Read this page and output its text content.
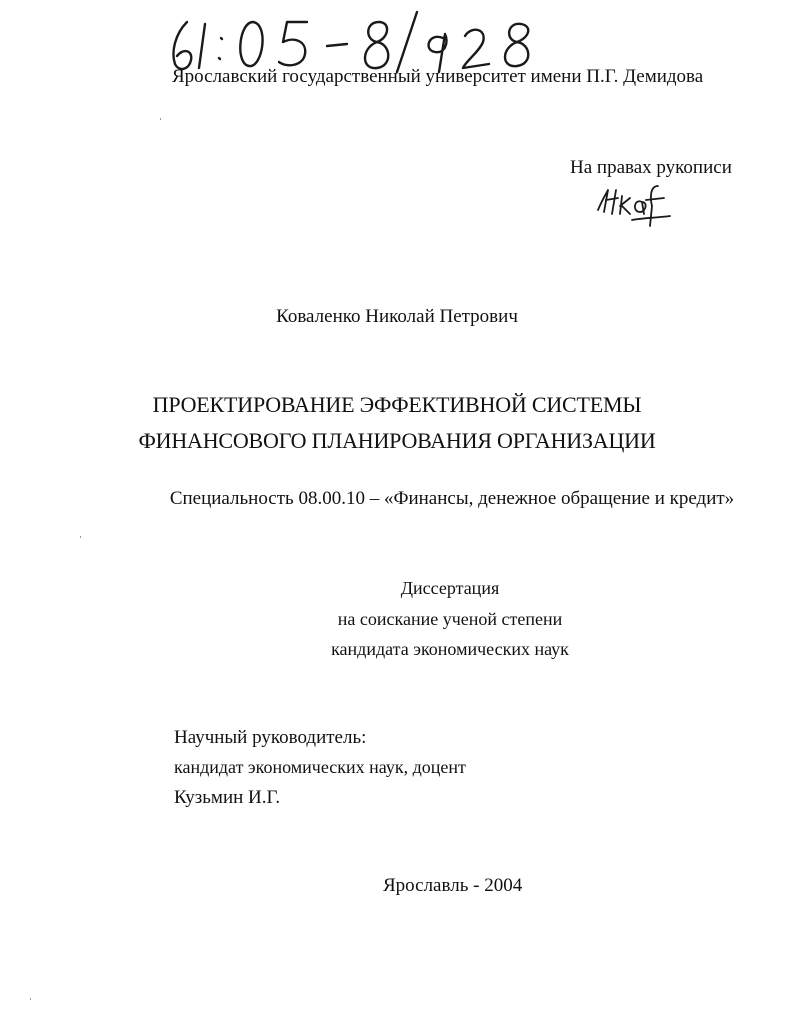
Ярославский государственный университет имени П.Г. Демидова
На правах рукописи
Коваленко Николай Петрович
ПРОЕКТИРОВАНИЕ ЭФФЕКТИВНОЙ СИСТЕМЫ
ФИНАНСОВОГО ПЛАНИРОВАНИЯ ОРГАНИЗАЦИИ
Специальность 08.00.10 – «Финансы, денежное обращение и кредит»
Диссертация
на соискание ученой степени
кандидата экономических наук
Научный руководитель:
кандидат экономических наук, доцент
Кузьмин И.Г.
Ярославль - 2004
